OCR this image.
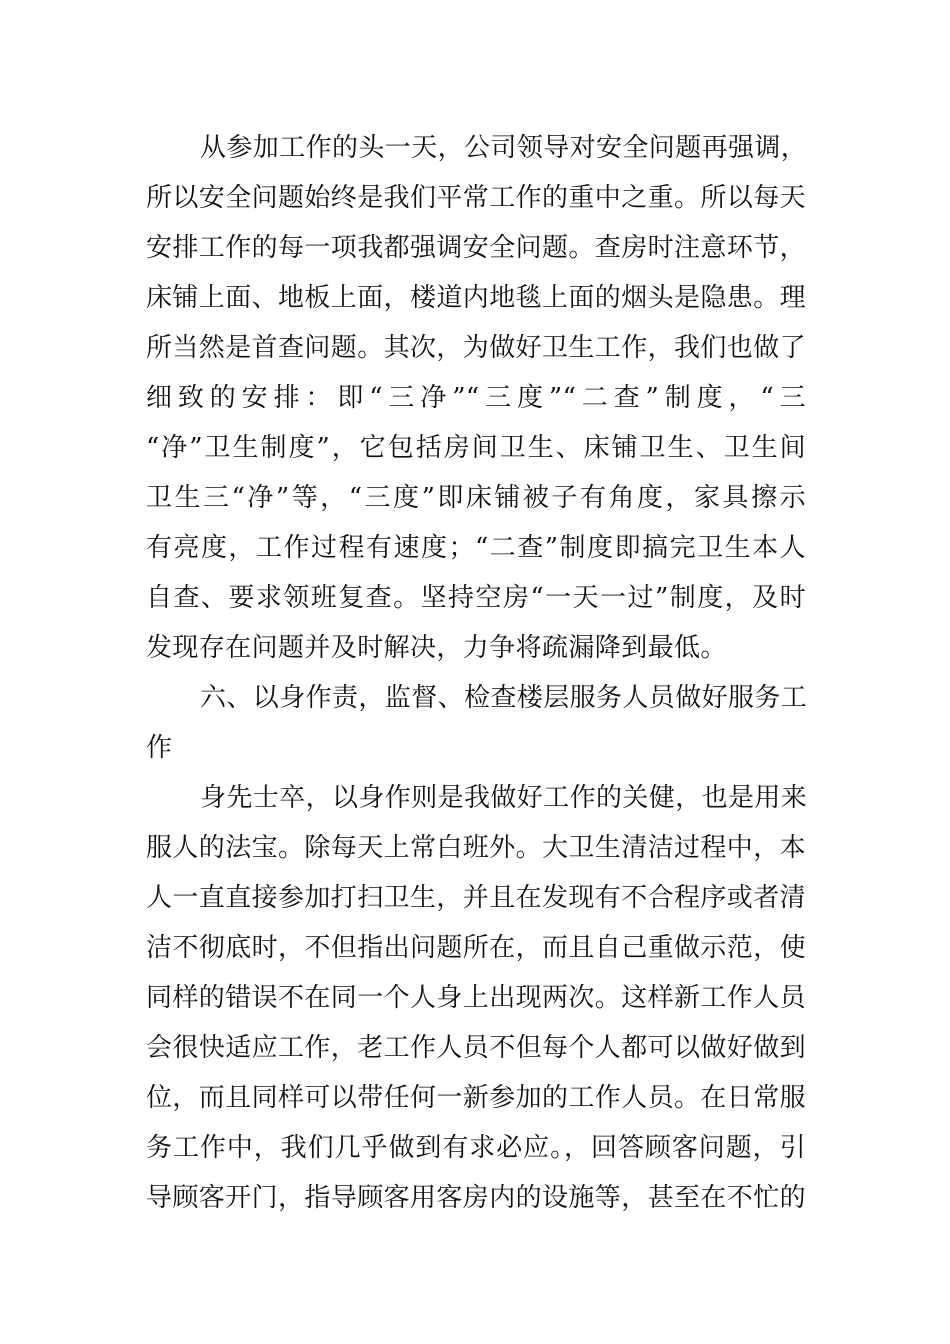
从参加工作的头一天，公司领导对安全问题再强调，
所以安全问题始终是我们平常工作的重中之重。所以每天
安排工作的每一项我都强调安全问题。查房时注意环节，
床铺上面、地板上面，楼道内地毯上面的烟头是隐患。理
所当然是首查问题。其次，为做好卫生工作，我们也做了
细致的安排：即“三净”“三度”“二查”制度，“三
“净”卫生制度”，它包括房间卫生、床铺卫生、卫生间
卫生三“净”等，“三度”即床铺被子有角度，家具擦示
有亮度，工作过程有速度；“二查”制度即搞完卫生本人
自查、要求领班复查。坚持空房“一天一过”制度，及时
发现存在问题并及时解决，力争将疏漏降到最低。
六、以身作责，监督、检查楼层服务人员做好服务工
作
身先士卒，以身作则是我做好工作的关健，也是用来
服人的法宝。除每天上常白班外。大卫生清洁过程中，本
人一直直接参加打扫卫生，并且在发现有不合程序或者清
洁不彻底时，不但指出问题所在，而且自己重做示范，使
同样的错误不在同一个人身上出现两次。这样新工作人员
会很快适应工作，老工作人员不但每个人都可以做好做到
位，而且同样可以带任何一新参加的工作人员。在日常服
务工作中，我们几乎做到有求必应。，回答顾客问题，引
导顾客开门，指导顾客用客房内的设施等，甚至在不忙的
